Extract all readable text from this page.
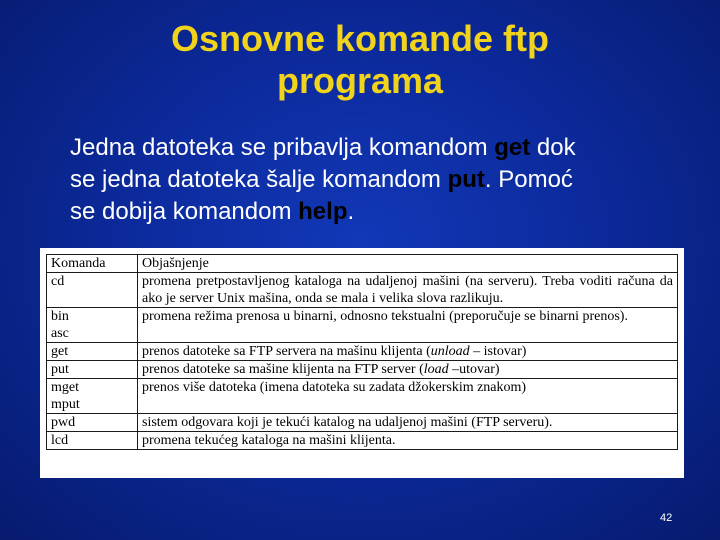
Osnovne komande ftp
programa
Jedna datoteka se pribavlja komandom get dok
se jedna datoteka šalje komandom put. Pomoć
se dobija komandom help.
Komanda	Objašnjenje
cd	promena pretpostavljenog kataloga na udaljenoj mašini (na serveru). Treba voditi računa da ako je server Unix mašina, onda se mala i velika slova razlikuju.
bin
asc	promena režima prenosa u binarni, odnosno tekstualni (preporučuje se binarni prenos).
get	prenos datoteke sa FTP servera na mašinu klijenta (unload – istovar)
put	prenos datoteke sa mašine klijenta na FTP server (load –utovar)
mget
mput	prenos više datoteka (imena datoteka su zadata džokerskim znakom)
pwd	sistem odgovara koji je tekući katalog na udaljenoj mašini (FTP serveru).
lcd	promena tekućeg kataloga na mašini klijenta.
42
